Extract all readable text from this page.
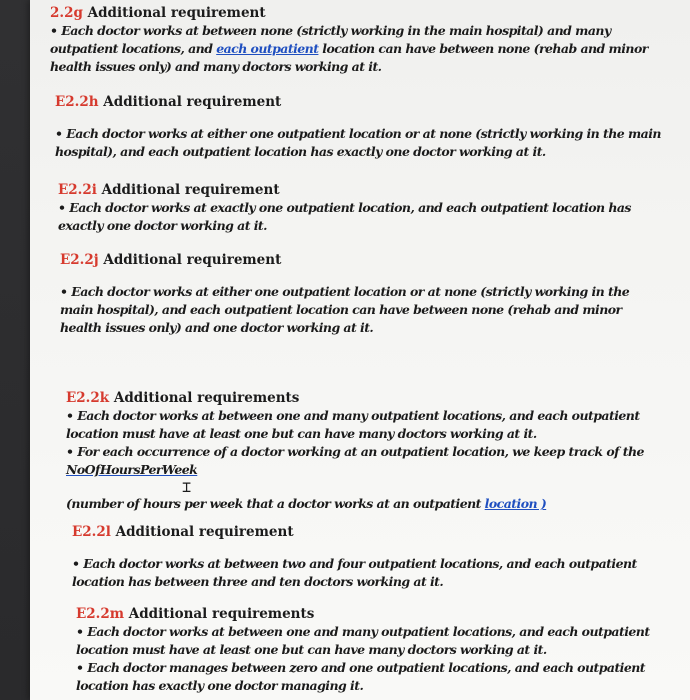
2.2g Additional requirement

• Each doctor works at between none (strictly working in the main hospital) and many outpatient locations, and each outpatient location can have between none (rehab and minor health issues only) and many doctors working at it.

E2.2h Additional requirement

• Each doctor works at either one outpatient location or at none (strictly working in the main hospital), and each outpatient location has exactly one doctor working at it.

E2.2i Additional requirement

• Each doctor works at exactly one outpatient location, and each outpatient location has exactly one doctor working at it.

E2.2j Additional requirement

• Each doctor works at either one outpatient location or at none (strictly working in the main hospital), and each outpatient location can have between none (rehab and minor health issues only) and one doctor working at it.

E2.2k Additional requirements

• Each doctor works at between one and many outpatient locations, and each outpatient location must have at least one but can have many doctors working at it.

• For each occurrence of a doctor working at an outpatient location, we keep track of the

NoOfHoursPerWeek

(number of hours per week that a doctor works at an outpatient location )

E2.2l Additional requirement

• Each doctor works at between two and four outpatient locations, and each outpatient location has between three and ten doctors working at it.

E2.2m Additional requirements

• Each doctor works at between one and many outpatient locations, and each outpatient location must have at least one but can have many doctors working at it.

• Each doctor manages between zero and one outpatient locations, and each outpatient location has exactly one doctor managing it.

⌶
